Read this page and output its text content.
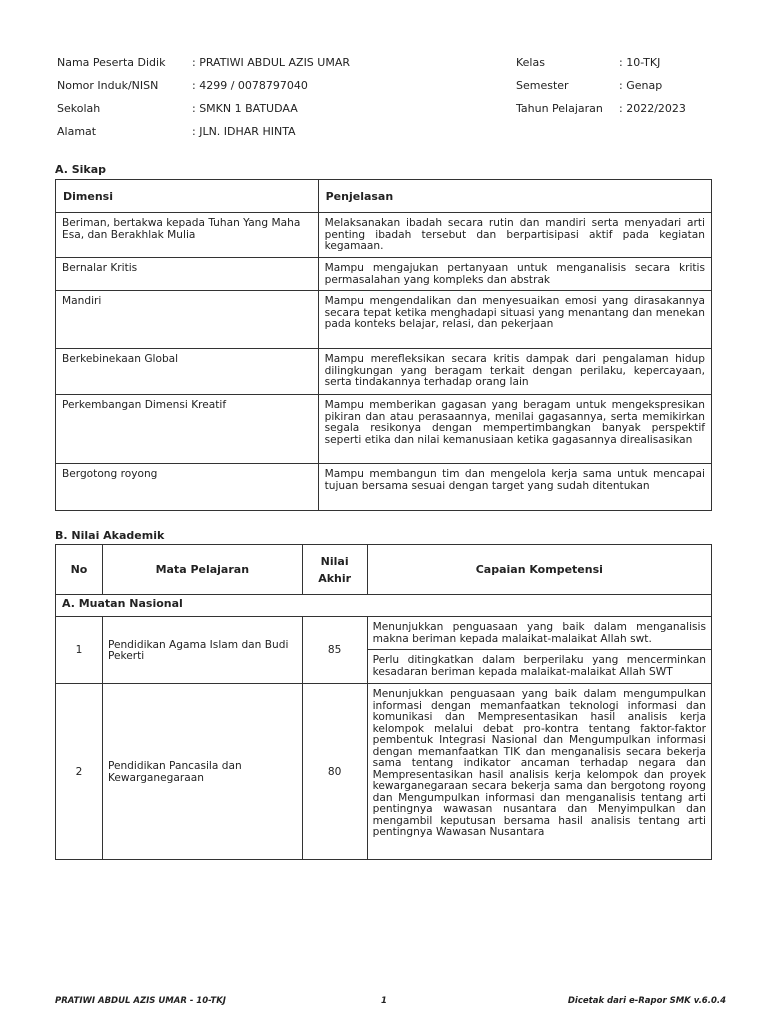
Nama Peserta Didik : PRATIWI ABDUL AZIS UMAR
Nomor Induk/NISN	: 4299 / 0078797040
Sekolah	: SMKN 1 BATUDAA
Alamat	: JLN. IDHAR HINTA
Kelas	: 10-TKJ
Semester	: Genap
Tahun Pelajaran : 2022/2023
A. Sikap
Dimensi	Penjelasan
Beriman, bertakwa kepada Tuhan Yang Maha Esa, dan Berakhlak Mulia	Melaksanakan ibadah secara rutin dan mandiri serta menyadari arti penting ibadah tersebut dan berpartisipasi aktif pada kegiatan kegamaan.
Bernalar Kritis	Mampu mengajukan pertanyaan untuk menganalisis secara kritis permasalahan yang kompleks dan abstrak
Mandiri	Mampu mengendalikan dan menyesuaikan emosi yang dirasakannya secara tepat ketika menghadapi situasi yang menantang dan menekan pada konteks belajar, relasi, dan pekerjaan
Berkebinekaan Global	Mampu merefleksikan secara kritis dampak dari pengalaman hidup dilingkungan yang beragam terkait dengan perilaku, kepercayaan, serta tindakannya terhadap orang lain
Perkembangan Dimensi Kreatif	Mampu memberikan gagasan yang beragam untuk mengekspresikan pikiran dan atau perasaannya, menilai gagasannya, serta memikirkan segala resikonya dengan mempertimbangkan banyak perspektif seperti etika dan nilai kemanusiaan ketika gagasannya direalisasikan
Bergotong royong	Mampu membangun tim dan mengelola kerja sama untuk mencapai tujuan bersama sesuai dengan target yang sudah ditentukan
B. Nilai Akademik
No	Mata Pelajaran	Nilai Akhir	Capaian Kompetensi
A. Muatan Nasional			
1	Pendidikan Agama Islam dan Budi Pekerti	85	Menunjukkan penguasaan yang baik dalam menganalisis makna beriman kepada malaikat-malaikat Allah swt.
			Perlu ditingkatkan dalam berperilaku yang mencerminkan kesadaran beriman kepada malaikat-malaikat Allah SWT
2	Pendidikan Pancasila dan Kewarganegaraan	80	Menunjukkan penguasaan yang baik dalam mengumpulkan informasi dengan memanfaatkan teknologi informasi dan komunikasi dan Mempresentasikan hasil analisis kerja kelompok melalui debat pro-kontra tentang faktor-faktor pembentuk Integrasi Nasional dan Mengumpulkan informasi dengan memanfaatkan TIK dan menganalisis secara bekerja sama tentang indikator ancaman terhadap negara dan Mempresentasikan hasil analisis kerja kelompok dan proyek kewarganegaraan secara bekerja sama dan bergotong royong dan Mengumpulkan informasi dan menganalisis tentang arti pentingnya wawasan nusantara dan Menyimpulkan dan mengambil keputusan bersama hasil analisis tentang arti pentingnya Wawasan Nusantara
PRATIWI ABDUL AZIS UMAR - 10-TKJ	1	Dicetak dari e-Rapor SMK v.6.0.4
